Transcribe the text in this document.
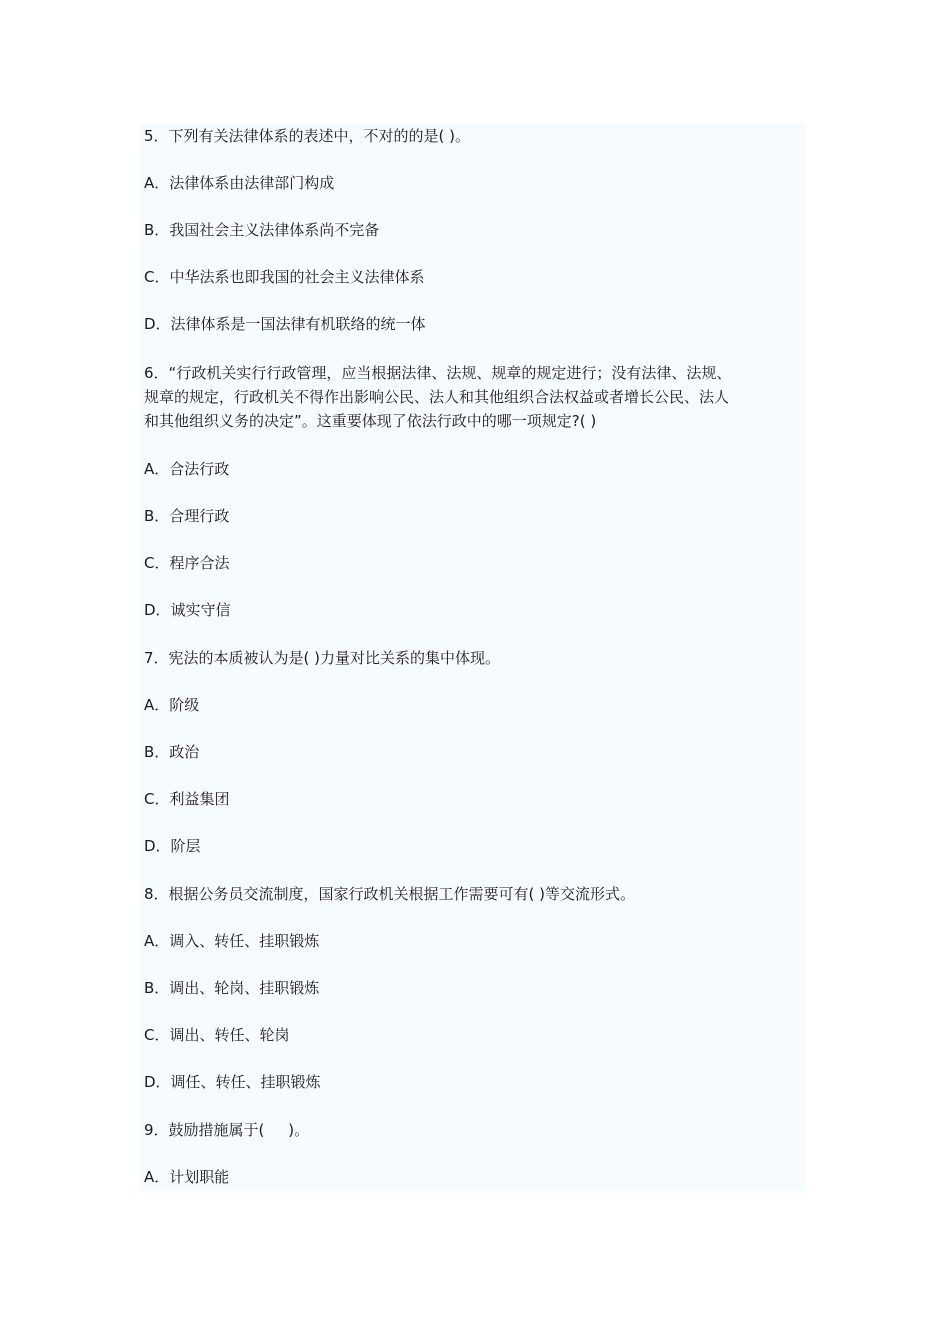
5．下列有关法律体系的表述中，不对的的是( )。
A．法律体系由法律部门构成
B．我国社会主义法律体系尚不完备
C．中华法系也即我国的社会主义法律体系
D．法律体系是一国法律有机联络的统一体
6．“行政机关实行行政管理，应当根据法律、法规、规章的规定进行；没有法律、法规、
规章的规定，行政机关不得作出影响公民、法人和其他组织合法权益或者增长公民、法人
和其他组织义务的决定”。这重要体现了依法行政中的哪一项规定?( )
A．合法行政
B．合理行政
C．程序合法
D．诚实守信
7．宪法的本质被认为是( )力量对比关系的集中体现。
A．阶级
B．政治
C．利益集团
D．阶层
8．根据公务员交流制度，国家行政机关根据工作需要可有( )等交流形式。
A．调入、转任、挂职锻炼
B．调出、轮岗、挂职锻炼
C．调出、转任、轮岗
D．调任、转任、挂职锻炼
9．鼓励措施属于(     )。
A．计划职能
